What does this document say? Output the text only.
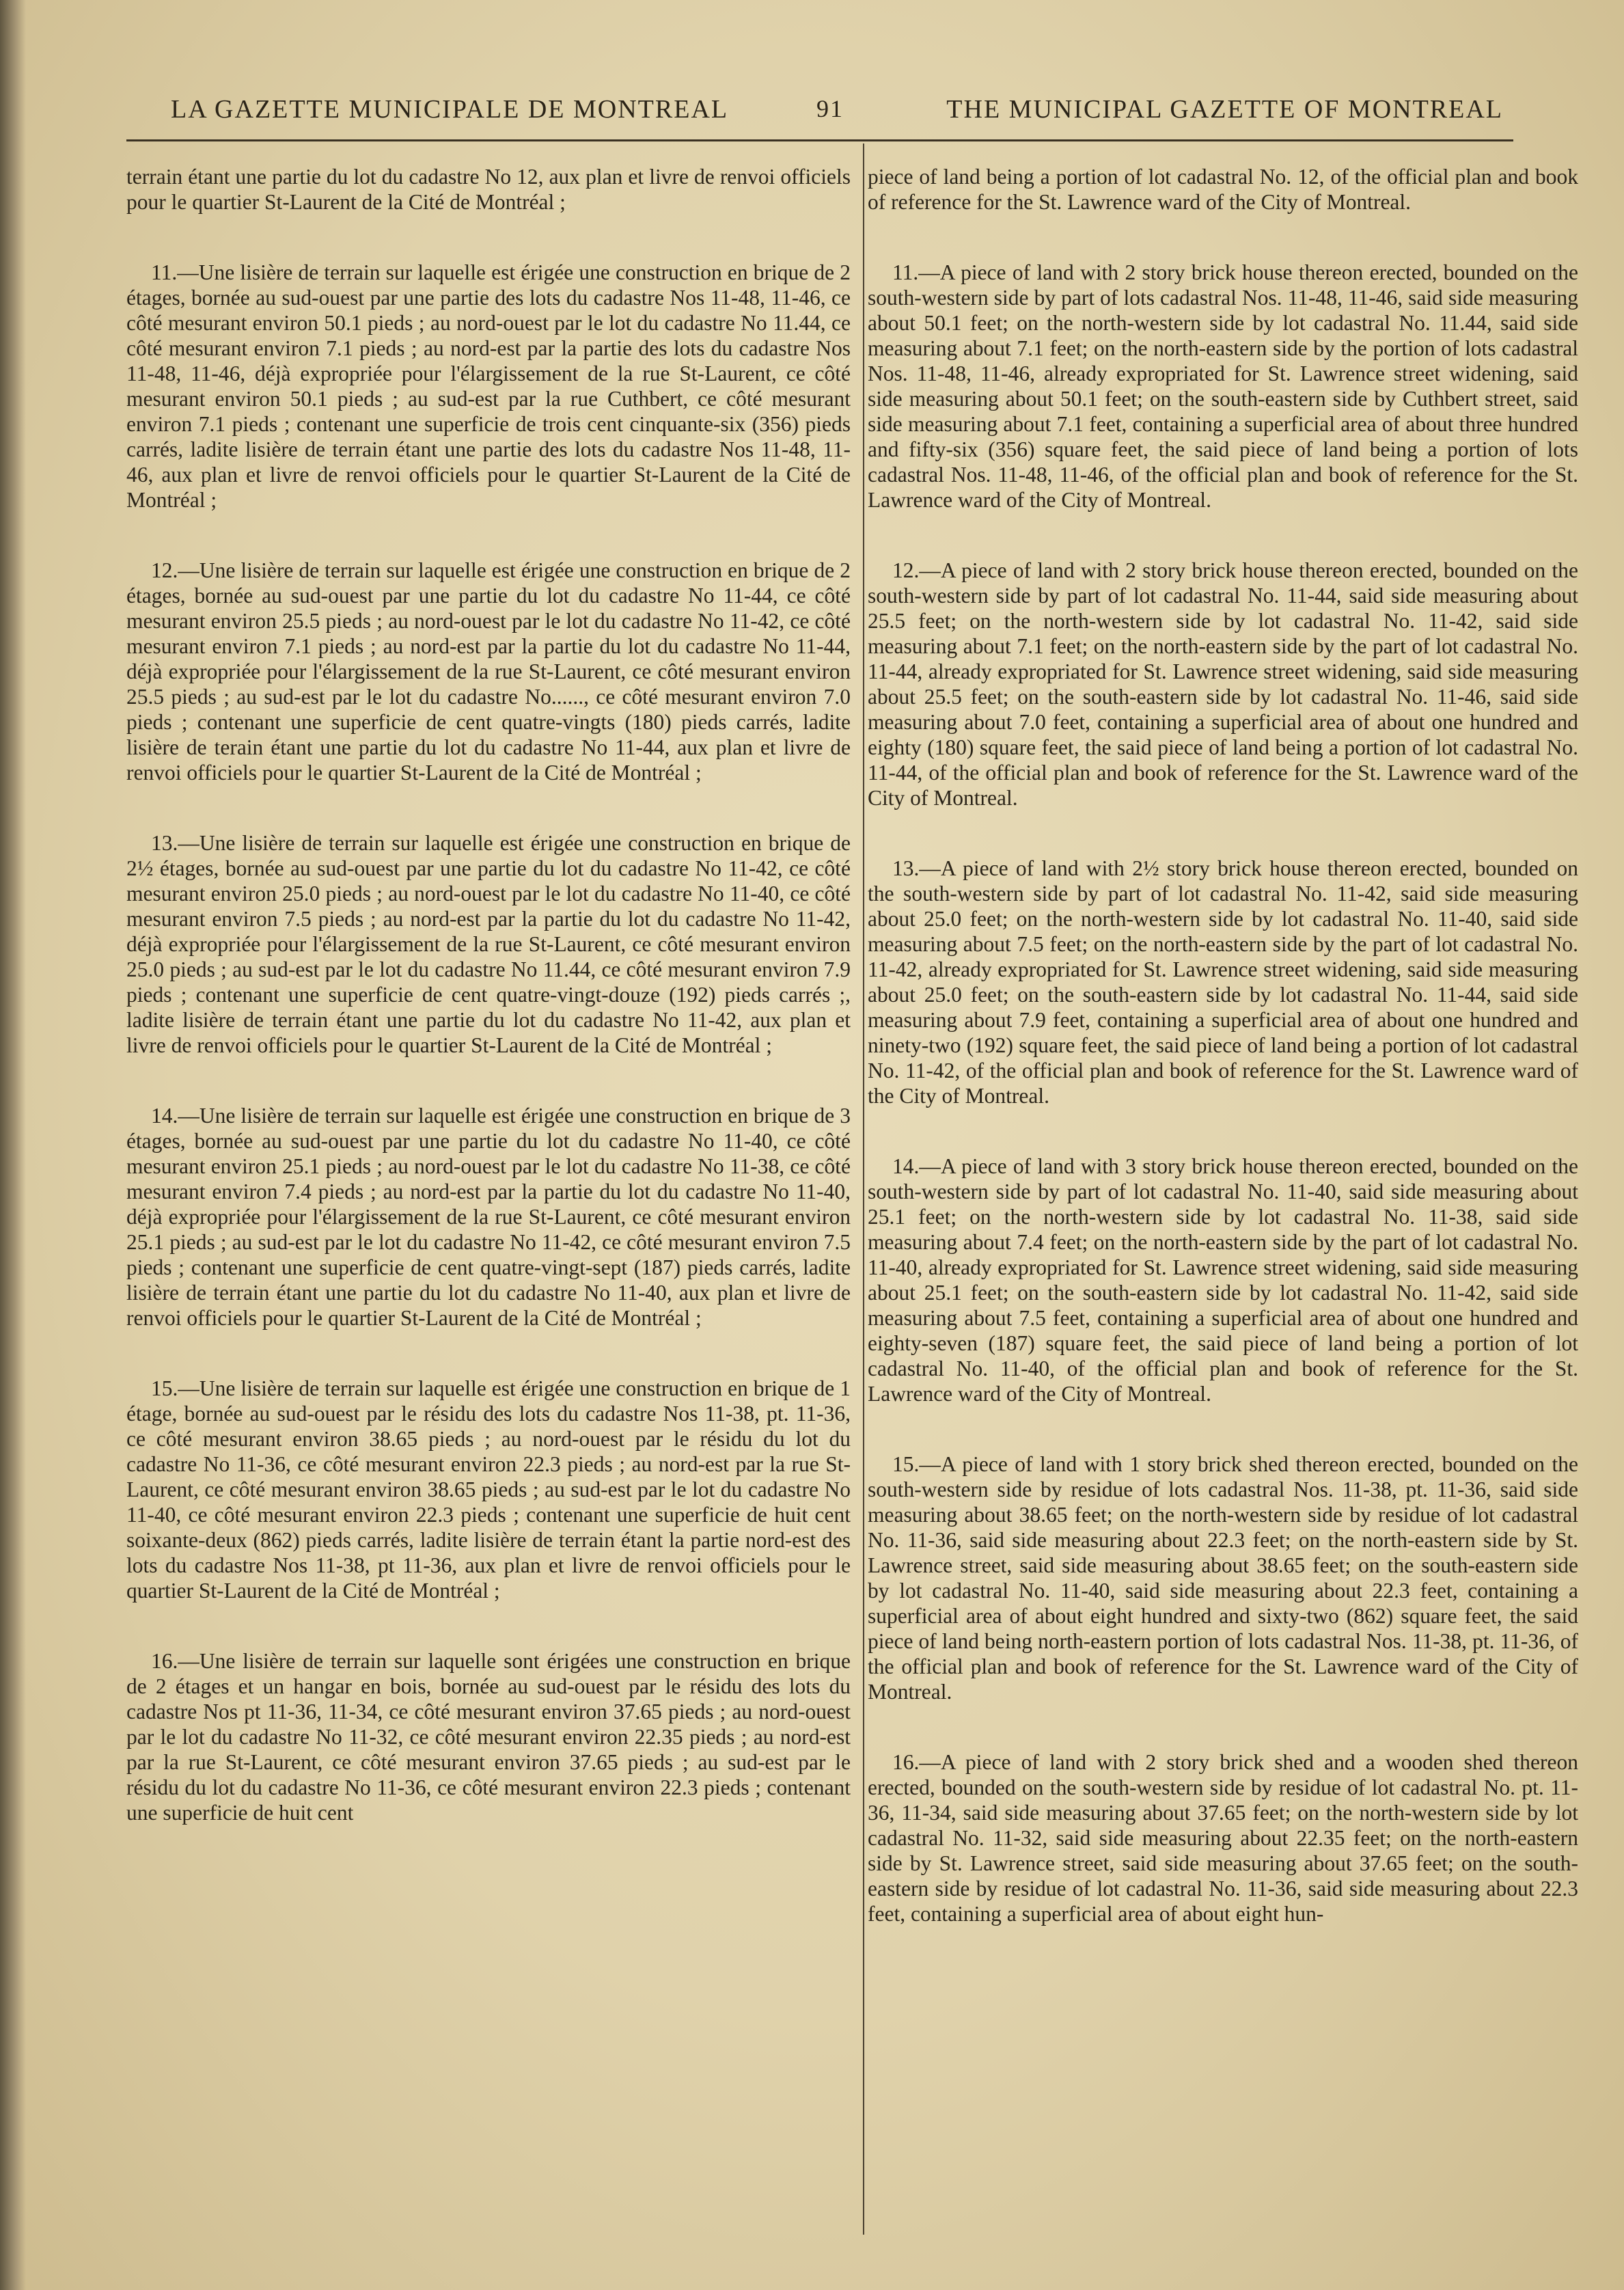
LA GAZETTE MUNICIPALE DE MONTREAL	91	THE MUNICIPAL GAZETTE OF MONTREAL

terrain étant une partie du lot du cadastre No 12, aux plan et livre de renvoi officiels pour le quartier St-Laurent de la Cité de Montréal ;

11.—Une lisière de terrain sur laquelle est érigée une construction en brique de 2 étages, bornée au sud-ouest par une partie des lots du cadastre Nos 11-48, 11-46, ce côté mesurant environ 50.1 pieds ; au nord-ouest par le lot du cadastre No 11.44, ce côté mesurant environ 7.1 pieds ; au nord-est par la partie des lots du cadastre Nos 11-48, 11-46, déjà expropriée pour l'élargissement de la rue St-Laurent, ce côté mesurant environ 50.1 pieds ; au sud-est par la rue Cuthbert, ce côté mesurant environ 7.1 pieds ; contenant une superficie de trois cent cinquante-six (356) pieds carrés, ladite lisière de terrain étant une partie des lots du cadastre Nos 11-48, 11-46, aux plan et livre de renvoi officiels pour le quartier St-Laurent de la Cité de Montréal ;

12.—Une lisière de terrain sur laquelle est érigée une construction en brique de 2 étages, bornée au sud-ouest par une partie du lot du cadastre No 11-44, ce côté mesurant environ 25.5 pieds ; au nord-ouest par le lot du cadastre No 11-42, ce côté mesurant environ 7.1 pieds ; au nord-est par la partie du lot du cadastre No 11-44, déjà expropriée pour l'élargissement de la rue St-Laurent, ce côté mesurant environ 25.5 pieds ; au sud-est par le lot du cadastre No......, ce côté mesurant environ 7.0 pieds ; contenant une superficie de cent quatre-vingts (180) pieds carrés, ladite lisière de terain étant une partie du lot du cadastre No 11-44, aux plan et livre de renvoi officiels pour le quartier St-Laurent de la Cité de Montréal ;

13.—Une lisière de terrain sur laquelle est érigée une construction en brique de 2½ étages, bornée au sud-ouest par une partie du lot du cadastre No 11-42, ce côté mesurant environ 25.0 pieds ; au nord-ouest par le lot du cadastre No 11-40, ce côté mesurant environ 7.5 pieds ; au nord-est par la partie du lot du cadastre No 11-42, déjà expropriée pour l'élargissement de la rue St-Laurent, ce côté mesurant environ 25.0 pieds ; au sud-est par le lot du cadastre No 11.44, ce côté mesurant environ 7.9 pieds ; contenant une superficie de cent quatre-vingt-douze (192) pieds carrés ;, ladite lisière de terrain étant une partie du lot du cadastre No 11-42, aux plan et livre de renvoi officiels pour le quartier St-Laurent de la Cité de Montréal ;

14.—Une lisière de terrain sur laquelle est érigée une construction en brique de 3 étages, bornée au sud-ouest par une partie du lot du cadastre No 11-40, ce côté mesurant environ 25.1 pieds ; au nord-ouest par le lot du cadastre No 11-38, ce côté mesurant environ 7.4 pieds ; au nord-est par la partie du lot du cadastre No 11-40, déjà expropriée pour l'élargissement de la rue St-Laurent, ce côté mesurant environ 25.1 pieds ; au sud-est par le lot du cadastre No 11-42, ce côté mesurant environ 7.5 pieds ; contenant une superficie de cent quatre-vingt-sept (187) pieds carrés, ladite lisière de terrain étant une partie du lot du cadastre No 11-40, aux plan et livre de renvoi officiels pour le quartier St-Laurent de la Cité de Montréal ;

15.—Une lisière de terrain sur laquelle est érigée une construction en brique de 1 étage, bornée au sud-ouest par le résidu des lots du cadastre Nos 11-38, pt. 11-36, ce côté mesurant environ 38.65 pieds ; au nord-ouest par le résidu du lot du cadastre No 11-36, ce côté mesurant environ 22.3 pieds ; au nord-est par la rue St-Laurent, ce côté mesurant environ 38.65 pieds ; au sud-est par le lot du cadastre No 11-40, ce côté mesurant environ 22.3 pieds ; contenant une superficie de huit cent soixante-deux (862) pieds carrés, ladite lisière de terrain étant la partie nord-est des lots du cadastre Nos 11-38, pt 11-36, aux plan et livre de renvoi officiels pour le quartier St-Laurent de la Cité de Montréal ;

16.—Une lisière de terrain sur laquelle sont érigées une construction en brique de 2 étages et un hangar en bois, bornée au sud-ouest par le résidu des lots du cadastre Nos pt 11-36, 11-34, ce côté mesurant environ 37.65 pieds ; au nord-ouest par le lot du cadastre No 11-32, ce côté mesurant environ 22.35 pieds ; au nord-est par la rue St-Laurent, ce côté mesurant environ 37.65 pieds ; au sud-est par le résidu du lot du cadastre No 11-36, ce côté mesurant environ 22.3 pieds ; contenant une superficie de huit cent

piece of land being a portion of lot cadastral No. 12, of the official plan and book of reference for the St. Lawrence ward of the City of Montreal.

11.—A piece of land with 2 story brick house thereon erected, bounded on the south-western side by part of lots cadastral Nos. 11-48, 11-46, said side measuring about 50.1 feet; on the north-western side by lot cadastral No. 11.44, said side measuring about 7.1 feet; on the north-eastern side by the portion of lots cadastral Nos. 11-48, 11-46, already expropriated for St. Lawrence street widening, said side measuring about 50.1 feet; on the south-eastern side by Cuthbert street, said side measuring about 7.1 feet, containing a superficial area of about three hundred and fifty-six (356) square feet, the said piece of land being a portion of lots cadastral Nos. 11-48, 11-46, of the official plan and book of reference for the St. Lawrence ward of the City of Montreal.

12.—A piece of land with 2 story brick house thereon erected, bounded on the south-western side by part of lot cadastral No. 11-44, said side measuring about 25.5 feet; on the north-western side by lot cadastral No. 11-42, said side measuring about 7.1 feet; on the north-eastern side by the part of lot cadastral No. 11-44, already expropriated for St. Lawrence street widening, said side measuring about 25.5 feet; on the south-eastern side by lot cadastral No. 11-46, said side measuring about 7.0 feet, containing a superficial area of about one hundred and eighty (180) square feet, the said piece of land being a portion of lot cadastral No. 11-44, of the official plan and book of reference for the St. Lawrence ward of the City of Montreal.

13.—A piece of land with 2½ story brick house thereon erected, bounded on the south-western side by part of lot cadastral No. 11-42, said side measuring about 25.0 feet; on the north-western side by lot cadastral No. 11-40, said side measuring about 7.5 feet; on the north-eastern side by the part of lot cadastral No. 11-42, already expropriated for St. Lawrence street widening, said side measuring about 25.0 feet; on the south-eastern side by lot cadastral No. 11-44, said side measuring about 7.9 feet, containing a superficial area of about one hundred and ninety-two (192) square feet, the said piece of land being a portion of lot cadastral No. 11-42, of the official plan and book of reference for the St. Lawrence ward of the City of Montreal.

14.—A piece of land with 3 story brick house thereon erected, bounded on the south-western side by part of lot cadastral No. 11-40, said side measuring about 25.1 feet; on the north-western side by lot cadastral No. 11-38, said side measuring about 7.4 feet; on the north-eastern side by the part of lot cadastral No. 11-40, already expropriated for St. Lawrence street widening, said side measuring about 25.1 feet; on the south-eastern side by lot cadastral No. 11-42, said side measuring about 7.5 feet, containing a superficial area of about one hundred and eighty-seven (187) square feet, the said piece of land being a portion of lot cadastral No. 11-40, of the official plan and book of reference for the St. Lawrence ward of the City of Montreal.

15.—A piece of land with 1 story brick shed thereon erected, bounded on the south-western side by residue of lots cadastral Nos. 11-38, pt. 11-36, said side measuring about 38.65 feet; on the north-western side by residue of lot cadastral No. 11-36, said side measuring about 22.3 feet; on the north-eastern side by St. Lawrence street, said side measuring about 38.65 feet; on the south-eastern side by lot cadastral No. 11-40, said side measuring about 22.3 feet, containing a superficial area of about eight hundred and sixty-two (862) square feet, the said piece of land being north-eastern portion of lots cadastral Nos. 11-38, pt. 11-36, of the official plan and book of reference for the St. Lawrence ward of the City of Montreal.

16.—A piece of land with 2 story brick shed and a wooden shed thereon erected, bounded on the south-western side by residue of lot cadastral No. pt. 11-36, 11-34, said side measuring about 37.65 feet; on the north-western side by lot cadastral No. 11-32, said side measuring about 22.35 feet; on the north-eastern side by St. Lawrence street, said side measuring about 37.65 feet; on the south-eastern side by residue of lot cadastral No. 11-36, said side measuring about 22.3 feet, containing a superficial area of about eight hun-
